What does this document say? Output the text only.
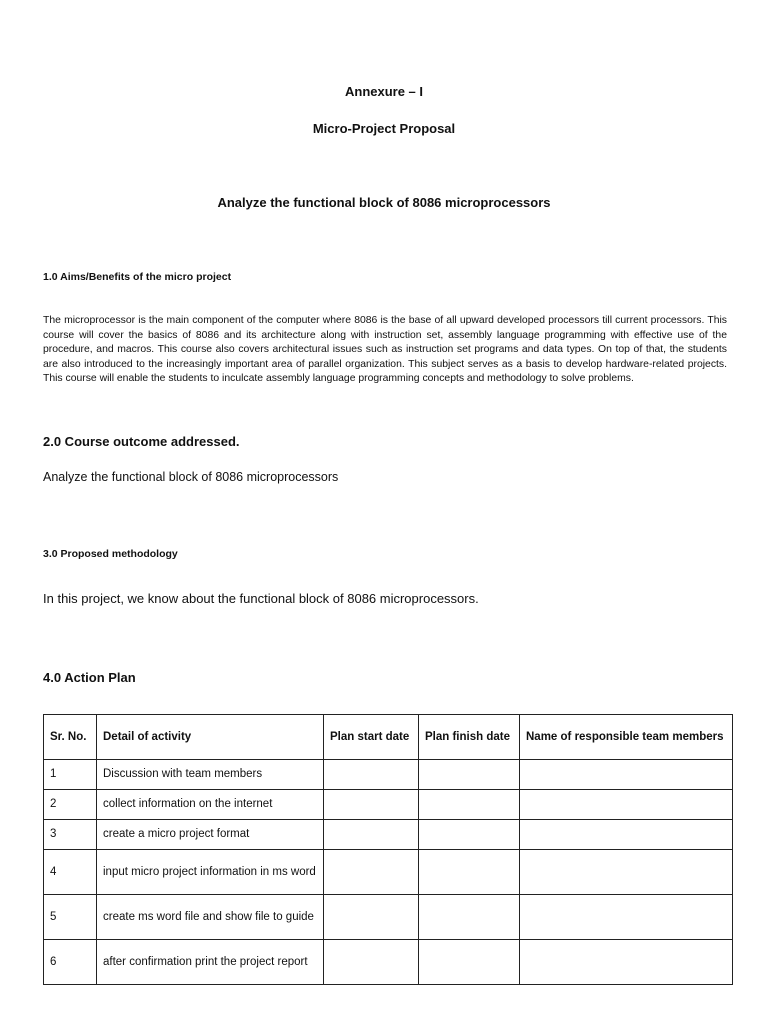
Annexure – I
Micro-Project Proposal
Analyze the functional block of 8086 microprocessors
1.0 Aims/Benefits of the micro project
The microprocessor is the main component of the computer where 8086 is the base of all upward developed processors till current processors. This course will cover the basics of 8086 and its architecture along with instruction set, assembly language programming with effective use of the procedure, and macros. This course also covers architectural issues such as instruction set programs and data types. On top of that, the students are also introduced to the increasingly important area of parallel organization. This subject serves as a basis to develop hardware-related projects. This course will enable the students to inculcate assembly language programming concepts and methodology to solve problems.
2.0 Course outcome addressed.
Analyze the functional block of 8086 microprocessors
3.0 Proposed methodology
In this project, we know about the functional block of 8086 microprocessors.
4.0 Action Plan
Sr. No.	Detail of activity	Plan start date	Plan finish date	Name of responsible team members
1	Discussion with team members			
2	collect information on the internet			
3	create a micro project format			
4	input micro project information in ms word			
5	create ms word file and show file to guide			
6	after confirmation print the project report			
